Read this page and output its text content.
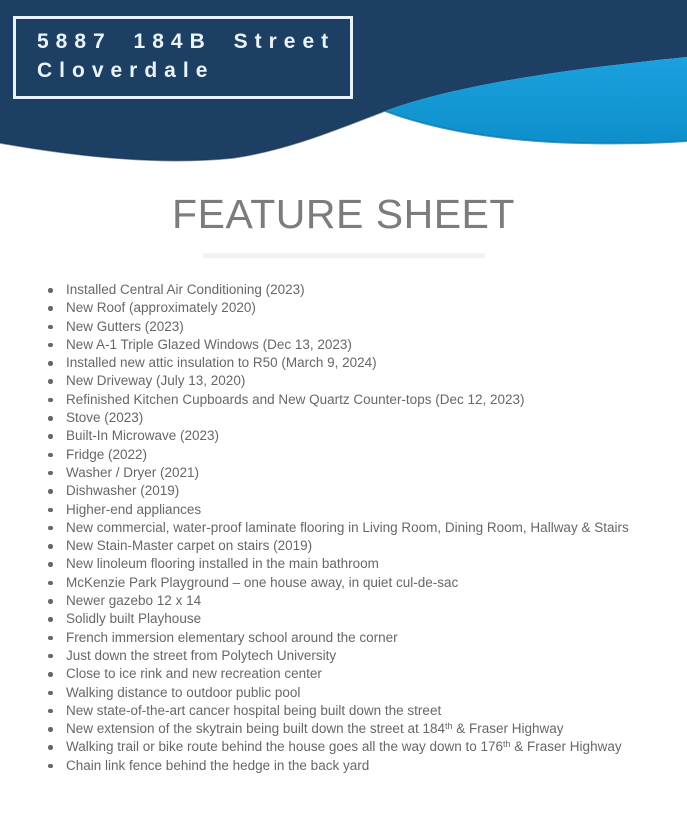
5887 184B Street
Cloverdale
FEATURE SHEET
Installed Central Air Conditioning (2023)
New Roof (approximately 2020)
New Gutters (2023)
New A-1 Triple Glazed Windows (Dec 13, 2023)
Installed new attic insulation to R50 (March 9, 2024)
New Driveway (July 13, 2020)
Refinished Kitchen Cupboards and New Quartz Counter-tops (Dec 12, 2023)
Stove (2023)
Built-In Microwave (2023)
Fridge (2022)
Washer / Dryer (2021)
Dishwasher (2019)
Higher-end appliances
New commercial, water-proof laminate flooring in Living Room, Dining Room, Hallway & Stairs
New Stain-Master carpet on stairs (2019)
New linoleum flooring installed in the main bathroom
McKenzie Park Playground – one house away, in quiet cul-de-sac
Newer gazebo 12 x 14
Solidly built Playhouse
French immersion elementary school around the corner
Just down the street from Polytech University
Close to ice rink and new recreation center
Walking distance to outdoor public pool
New state-of-the-art cancer hospital being built down the street
New extension of the skytrain being built down the street at 184th & Fraser Highway
Walking trail or bike route behind the house goes all the way down to 176th & Fraser Highway
Chain link fence behind the hedge in the back yard
